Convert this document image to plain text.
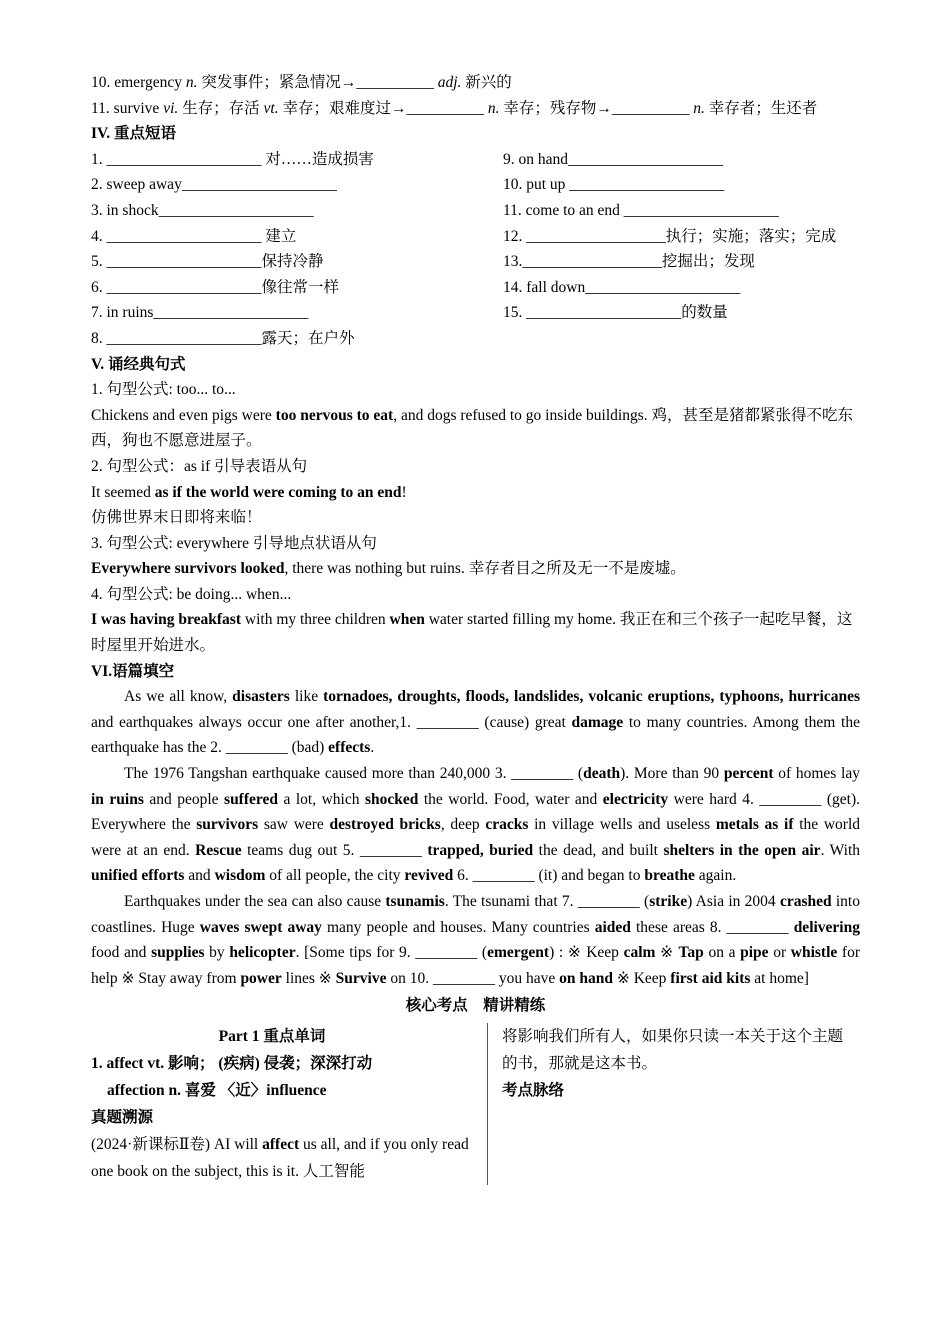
10. emergency n. 突发事件；紧急情况→__________ adj. 新兴的

11. survive vi. 生存；存活 vt. 幸存；艰难度过→__________ n. 幸存；残存物→__________ n. 幸存者；生还者

IV. 重点短语

1. ____________________ 对……造成损害

2. sweep away____________________

3. in shock____________________

4. ____________________ 建立

5. ____________________保持冷静

6. ____________________像往常一样

7. in ruins____________________

8. ____________________露天；在户外

9. on hand____________________

10. put up ____________________

11. come to an end ____________________

12. __________________执行；实施；落实；完成

13.__________________挖掘出；发现

14. fall down____________________

15. ____________________的数量

V. 诵经典句式

1. 句型公式: too... to...

Chickens and even pigs were too nervous to eat, and dogs refused to go inside buildings. 鸡，甚至是猪都紧张得不吃东西，狗也不愿意进屋子。

2. 句型公式：as if 引导表语从句

It seemed as if the world were coming to an end!

仿佛世界末日即将来临！

3. 句型公式: everywhere 引导地点状语从句

Everywhere survivors looked, there was nothing but ruins. 幸存者目之所及无一不是废墟。

4. 句型公式: be doing... when...

I was having breakfast with my three children when water started filling my home. 我正在和三个孩子一起吃早餐，这时屋里开始进水。

VI.语篇填空

As we all know, disasters like tornadoes, droughts, floods, landslides, volcanic eruptions, typhoons, hurricanes and earthquakes always occur one after another,1. ________ (cause) great damage to many countries. Among them the earthquake has the 2. ________ (bad) effects.

The 1976 Tangshan earthquake caused more than 240,000 3. ________ (death). More than 90 percent of homes lay in ruins and people suffered a lot, which shocked the world. Food, water and electricity were hard 4. ________ (get). Everywhere the survivors saw were destroyed bricks, deep cracks in village wells and useless metals as if the world were at an end. Rescue teams dug out 5. ________ trapped, buried the dead, and built shelters in the open air. With unified efforts and wisdom of all people, the city revived 6. ________ (it) and began to breathe again.

Earthquakes under the sea can also cause tsunamis. The tsunami that 7. ________ (strike) Asia in 2004 crashed into coastlines. Huge waves swept away many people and houses. Many countries aided these areas 8. ________ delivering food and supplies by helicopter. [Some tips for 9. ________ (emergent) : ※ Keep calm ※ Tap on a pipe or whistle for help ※ Stay away from power lines ※ Survive on 10. ________ you have on hand ※ Keep first aid kits at home]

核心考点　精讲精练

Part 1 重点单词

1. affect vt. 影响； (疾病) 侵袭；深深打动

affection n. 喜爱 〈近〉influence

真题溯源

(2024·新课标Ⅱ卷) AI will affect us all, and if you only read one book on the subject, this is it. 人工智能

将影响我们所有人，如果你只读一本关于这个主题的书，那就是这本书。

考点脉络
